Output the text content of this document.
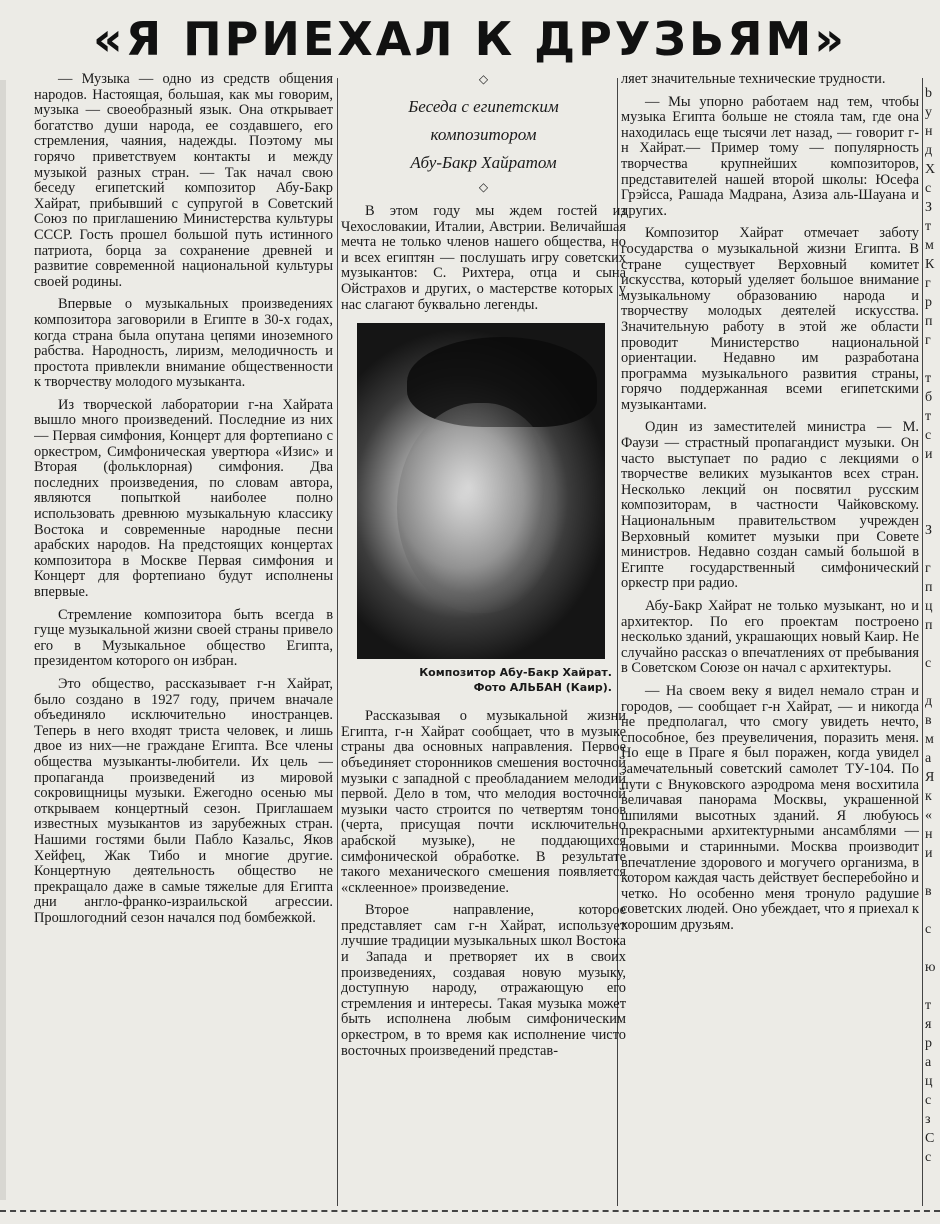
«Я ПРИЕХАЛ К ДРУЗЬЯМ»

— Музыка — одно из средств общения народов. Настоящая, большая, как мы говорим, музыка — своеобразный язык. Она открывает богатство души народа, ее создавшего, его стремления, чаяния, надежды. Поэтому мы горячо приветствуем контакты и между музыкой разных стран. — Так начал свою беседу египетский композитор Абу-Бакр Хайрат, прибывший с супругой в Советский Союз по приглашению Министерства культуры СССР. Гость прошел большой путь истинного патриота, борца за сохранение древней и развитие современной национальной культуры своей родины.

Впервые о музыкальных произведениях композитора заговорили в Египте в 30-х годах, когда страна была опутана цепями иноземного рабства. Народность, лиризм, мелодичность и простота привлекли внимание общественности к творчеству молодого музыканта.

Из творческой лаборатории г-на Хайрата вышло много произведений. Последние из них — Первая симфония, Концерт для фортепиано с оркестром, Симфоническая увертюра «Изис» и Вторая (фольклорная) симфония. Два последних произведения, по словам автора, являются попыткой наиболее полно использовать древнюю музыкальную классику Востока и современные народные песни арабских народов. На предстоящих концертах композитора в Москве Первая симфония и Концерт для фортепиано будут исполнены впервые.

Стремление композитора быть всегда в гуще музыкальной жизни своей страны привело его в Музыкальное общество Египта, президентом которого он избран.

Это общество, рассказывает г-н Хайрат, было создано в 1927 году, причем вначале объединяло исключительно иностранцев. Теперь в него входят триста человек, и лишь двое из них—не граждане Египта. Все члены общества музыканты-любители. Их цель — пропаганда произведений из мировой сокровищницы музыки. Ежегодно осенью мы открываем концертный сезон. Приглашаем известных музыкантов из зарубежных стран. Нашими гостями были Пабло Казальс, Яков Хейфец, Жак Тибо и многие другие. Концертную деятельность общество не прекращало даже в самые тяжелые для Египта дни англо-франко-израильской агрессии. Прошлогодний сезон начался под бомбежкой.

◇

Беседа с египетским

композитором

Абу-Бакр Хайратом

◇

В этом году мы ждем гостей из Чехословакии, Италии, Австрии. Величайшая мечта не только членов нашего общества, но и всех египтян — послушать игру советских музыкантов: С. Рихтера, отца и сына Ойстрахов и других, о мастерстве которых у нас слагают буквально легенды.

Композитор Абу-Бакр Хайрат.
Фото АЛЬБАН (Каир).

Рассказывая о музыкальной жизни Египта, г-н Хайрат сообщает, что в музыке страны два основных направления. Первое объединяет сторонников смешения восточной музыки с западной с преобладанием мелодий первой. Дело в том, что мелодия восточной музыки часто строится по четвертям тонов (черта, присущая почти исключительно арабской музыке), не поддающихся симфонической обработке. В результате такого механического смешения появляется «склеенное» произведение.

Второе направление, которое представляет сам г-н Хайрат, использует лучшие традиции музыкальных школ Востока и Запада и претворяет их в своих произведениях, создавая новую музыку, доступную народу, отражающую его стремления и интересы. Такая музыка может быть исполнена любым симфоническим оркестром, в то время как исполнение чисто восточных произведений представ-

ляет значительные технические трудности.

— Мы упорно работаем над тем, чтобы музыка Египта больше не стояла там, где она находилась еще тысячи лет назад, — говорит г-н Хайрат.— Пример тому — популярность творчества крупнейших композиторов, представителей нашей второй школы: Юсефа Грэйсса, Рашада Мадрана, Азиза аль-Шауана и других.

Композитор Хайрат отмечает заботу государства о музыкальной жизни Египта. В стране существует Верховный комитет искусства, который уделяет большое внимание музыкальному образованию народа и творчеству молодых деятелей искусства. Значительную работу в этой же области проводит Министерство национальной ориентации. Недавно им разработана программа музыкального развития страны, горячо поддержанная всеми египетскими музыкантами.

Один из заместителей министра — М. Фаузи — страстный пропагандист музыки. Он часто выступает по радио с лекциями о творчестве великих музыкантов всех стран. Несколько лекций он посвятил русским композиторам, в частности Чайковскому. Национальным правительством учрежден Верховный комитет музыки при Совете министров. Недавно создан самый большой в Египте государственный симфонический оркестр при радио.

Абу-Бакр Хайрат не только музыкант, но и архитектор. По его проектам построено несколько зданий, украшающих новый Каир. Не случайно рассказ о впечатлениях от пребывания в Советском Союзе он начал с архитектуры.

— На своем веку я видел немало стран и городов, — сообщает г-н Хайрат, — и никогда не предполагал, что смогу увидеть нечто, способное, без преувеличения, поразить меня. Но еще в Праге я был поражен, когда увидел замечательный советский самолет ТУ-104. По пути с Внуковского аэродрома меня восхитила величавая панорама Москвы, украшенной шпилями высотных зданий. Я любуюсь прекрасными архитектурными ансамблями — новыми и старинными. Москва производит впечатление здорового и могучего организма, в котором каждая часть действует бесперебойно и четко. Но особенно меня тронуло радушие советских людей. Оно убеждает, что я приехал к хорошим друзьям.

b
у
н
д
Х
с
З
т
м
К
г
р
п
г

т
б
т
с
и

З

г
п
ц
п

с

д
в
м
а
Я
к
«
н
и

в

с

ю

т
я
р
а
ц
с
з
С
с
